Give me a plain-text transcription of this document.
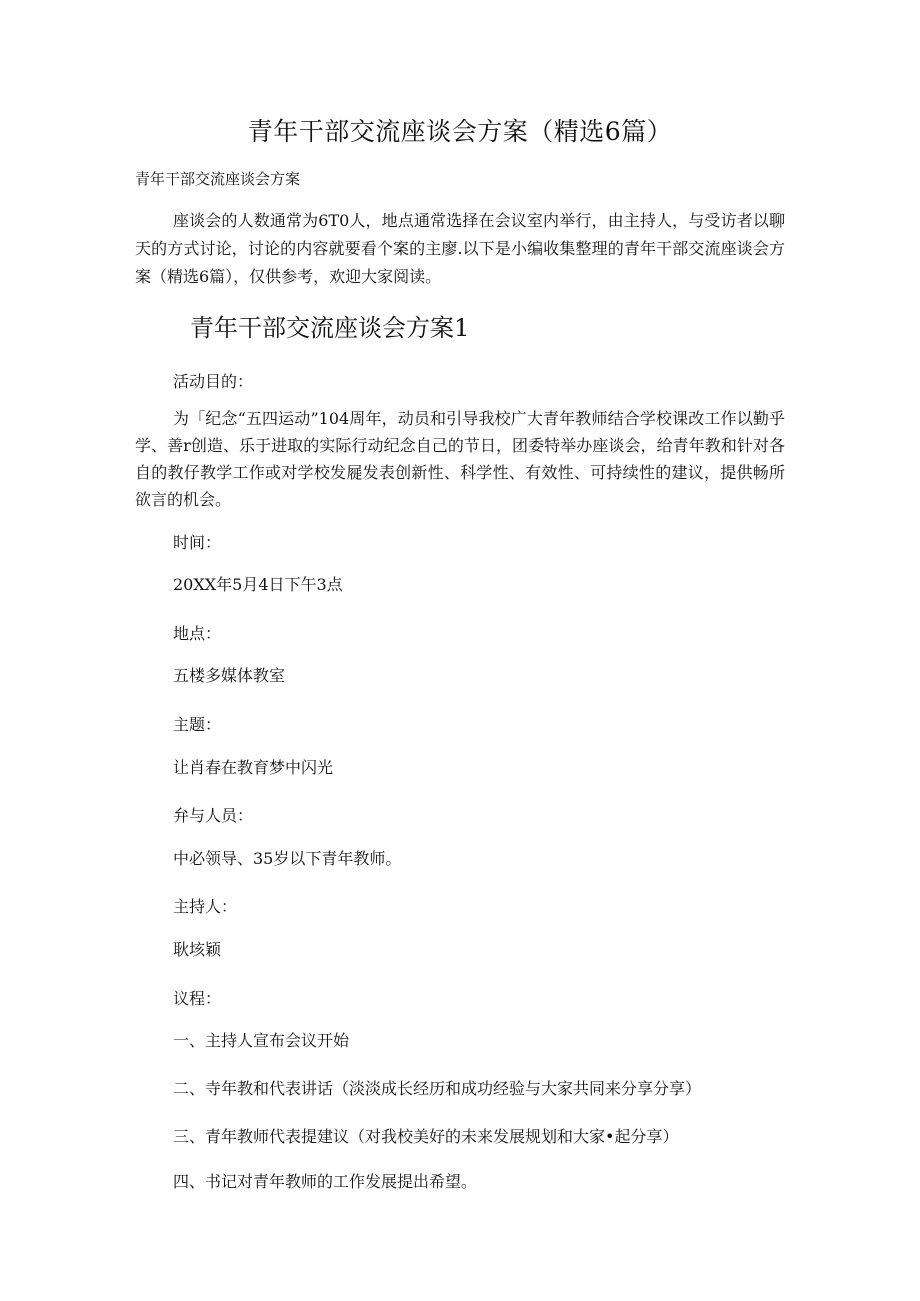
青年干部交流座谈会方案（精选6篇）
青年干部交流座谈会方案

座谈会的人数通常为6T0人，地点通常选择在会议室内举行，由主持人，与受访者以聊天的方式讨论，讨论的内容就要看个案的主廖.以下是小编收集整理的青年干部交流座谈会方案（精选6篇），仅供参考，欢迎大家阅读。

青年干部交流座谈会方案1
活动目的：

为「纪念“五四运动”104周年，动员和引导我校广大青年教师结合学校课改工作以勤乎学、善r创造、乐于进取的实际行动纪念自己的节日，团委特举办座谈会，给青年教和针对各自的教仔教学工作或对学校发屣发表创新性、科学性、有效性、可持续性的建议，提供畅所欲言的机会。

时间：
20XX年5月4日下午3点
地点：
五楼多媒体教室
主题：
让肖春在教育梦中闪光
弁与人员：
中必领导、35岁以下青年教师。
主持人：
耿垓颖
议程：
一、主持人宣布会议开始
二、寺年教和代表讲话（淡淡成长经历和成功经验与大家共同来分享分享）
三、青年教师代表提建议（对我校美好的未来发展规划和大家•起分享）
四、书记对青年教师的工作发展提出希望。
